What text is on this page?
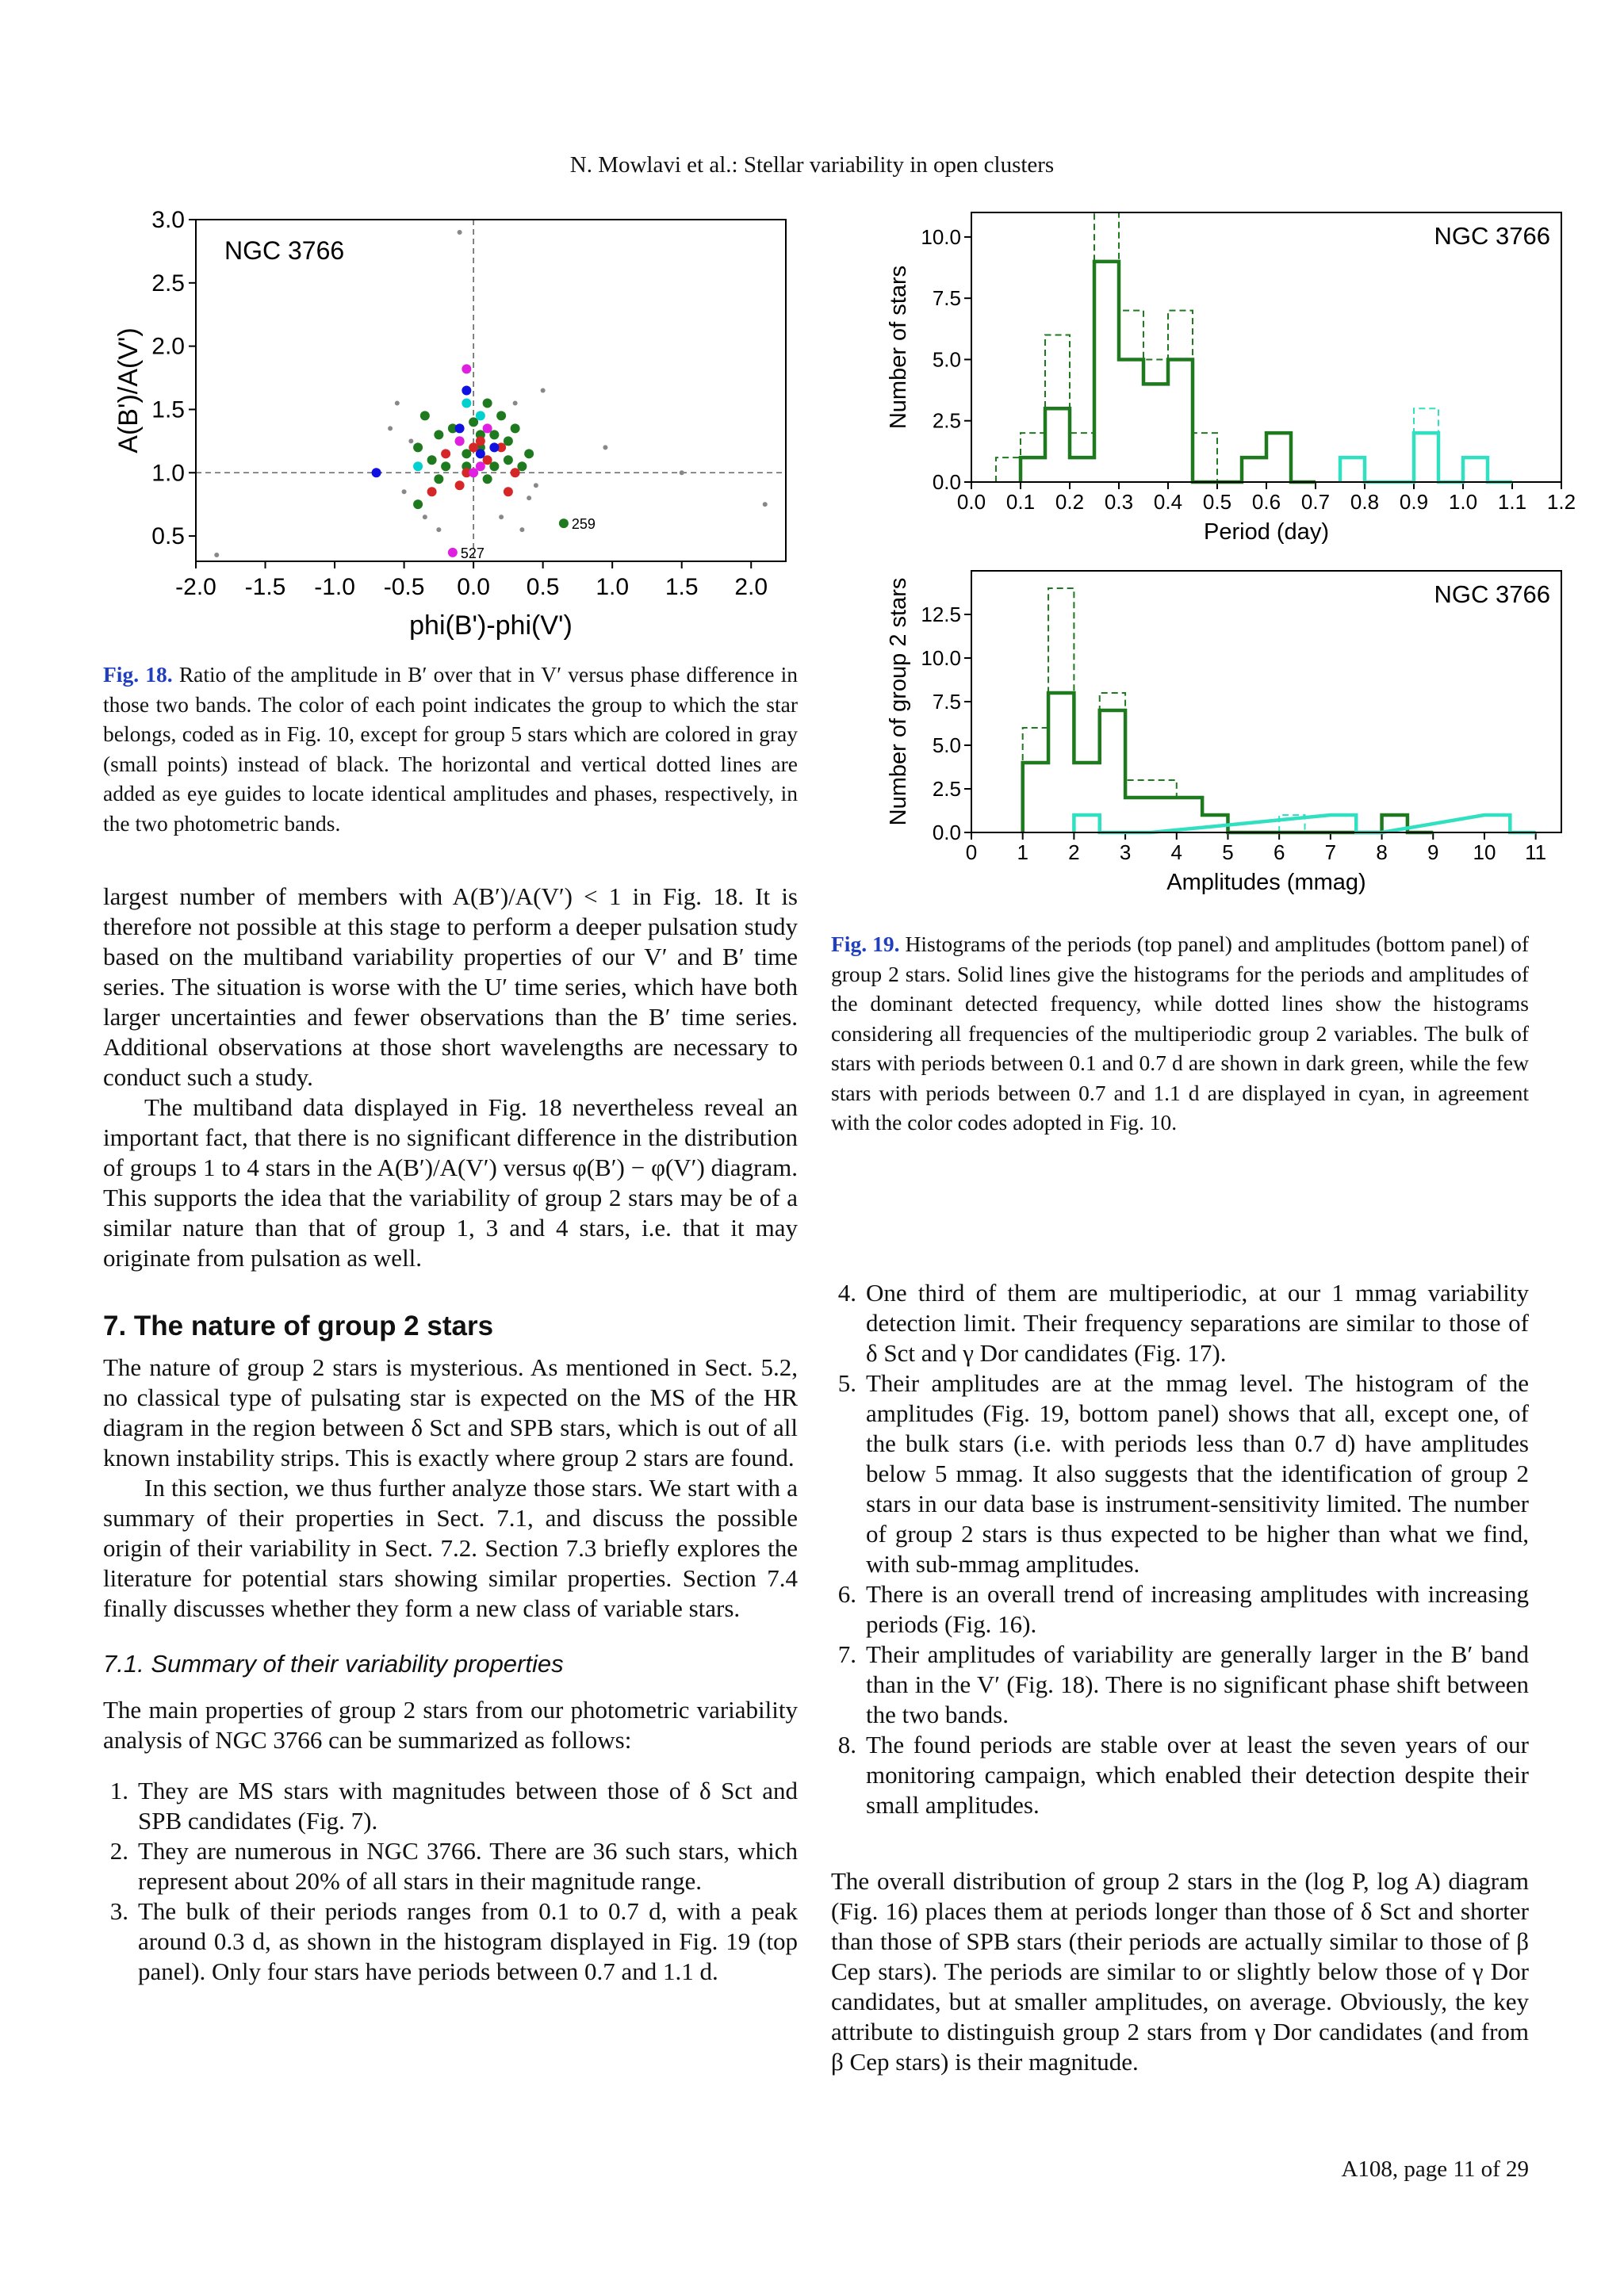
N. Mowlavi et al.: Stellar variability in open clusters
-2.0 -1.5 -1.0 -0.5 0.0 0.5 1.0 1.5 2.0
0.5
1.0
1.5
2.0
2.5
3.0
NGC 3766
phi(B')-phi(V')
A(B')/A(V')
259
527
Fig. 18. Ratio of the amplitude in B′ over that in V′ versus phase difference in those two bands. The color of each point indicates the group to which the star belongs, coded as in Fig. 10, except for group 5 stars which are colored in gray (small points) instead of black. The horizontal and vertical dotted lines are added as eye guides to locate identical amplitudes and phases, respectively, in the two photometric bands.
0.0 0.1 0.2 0.3 0.4 0.5 0.6 0.7 0.8 0.9 1.0 1.1 1.2
0.0
2.5
5.0
7.5
10.0	NGC 3766
Period (day)
Number of stars
0 1 2 3 4 5 6 7 8 9 10 11
0.0
2.5
5.0
7.5
10.0
12.5
NGC 3766
Amplitudes (mmag)
Number of group 2 stars
Fig. 19. Histograms of the periods (top panel) and amplitudes (bottom panel) of group 2 stars. Solid lines give the histograms for the periods and amplitudes of the dominant detected frequency, while dotted lines show the histograms considering all frequencies of the multiperiodic group 2 variables. The bulk of stars with periods between 0.1 and 0.7 d are shown in dark green, while the few stars with periods between 0.7 and 1.1 d are displayed in cyan, in agreement with the color codes adopted in Fig. 10.

largest number of members with A(B′)/A(V′) < 1 in Fig. 18. It is therefore not possible at this stage to perform a deeper pulsation study based on the multiband variability properties of our V′ and B′ time series. The situation is worse with the U′ time series, which have both larger uncertainties and fewer observations than the B′ time series. Additional observations at those short wavelengths are necessary to conduct such a study.

The multiband data displayed in Fig. 18 nevertheless reveal an important fact, that there is no significant difference in the distribution of groups 1 to 4 stars in the A(B′)/A(V′) versus φ(B′) − φ(V′) diagram. This supports the idea that the variability of group 2 stars may be of a similar nature than that of group 1, 3 and 4 stars, i.e. that it may originate from pulsation as well.

7. The nature of group 2 stars

The nature of group 2 stars is mysterious. As mentioned in Sect. 5.2, no classical type of pulsating star is expected on the MS of the HR diagram in the region between δ Sct and SPB stars, which is out of all known instability strips. This is exactly where group 2 stars are found.

In this section, we thus further analyze those stars. We start with a summary of their properties in Sect. 7.1, and discuss the possible origin of their variability in Sect. 7.2. Section 7.3 briefly explores the literature for potential stars showing similar properties. Section 7.4 finally discusses whether they form a new class of variable stars.

7.1. Summary of their variability properties

The main properties of group 2 stars from our photometric variability analysis of NGC 3766 can be summarized as follows:

1. They are MS stars with magnitudes between those of δ Sct and SPB candidates (Fig. 7).
2. They are numerous in NGC 3766. There are 36 such stars, which represent about 20% of all stars in their magnitude range.
3. The bulk of their periods ranges from 0.1 to 0.7 d, with a peak around 0.3 d, as shown in the histogram displayed in Fig. 19 (top panel). Only four stars have periods between 0.7 and 1.1 d.
4. One third of them are multiperiodic, at our 1 mmag variability detection limit. Their frequency separations are similar to those of δ Sct and γ Dor candidates (Fig. 17).
5. Their amplitudes are at the mmag level. The histogram of the amplitudes (Fig. 19, bottom panel) shows that all, except one, of the bulk stars (i.e. with periods less than 0.7 d) have amplitudes below 5 mmag. It also suggests that the identification of group 2 stars in our data base is instrument-sensitivity limited. The number of group 2 stars is thus expected to be higher than what we find, with sub-mmag amplitudes.
6. There is an overall trend of increasing amplitudes with increasing periods (Fig. 16).
7. Their amplitudes of variability are generally larger in the B′ band than in the V′ (Fig. 18). There is no significant phase shift between the two bands.
8. The found periods are stable over at least the seven years of our monitoring campaign, which enabled their detection despite their small amplitudes.

The overall distribution of group 2 stars in the (log P, log A) diagram (Fig. 16) places them at periods longer than those of δ Sct and shorter than those of SPB stars (their periods are actually similar to those of β Cep stars). The periods are similar to or slightly below those of γ Dor candidates, but at smaller amplitudes, on average. Obviously, the key attribute to distinguish group 2 stars from γ Dor candidates (and from β Cep stars) is their magnitude.

A108, page 11 of 29
